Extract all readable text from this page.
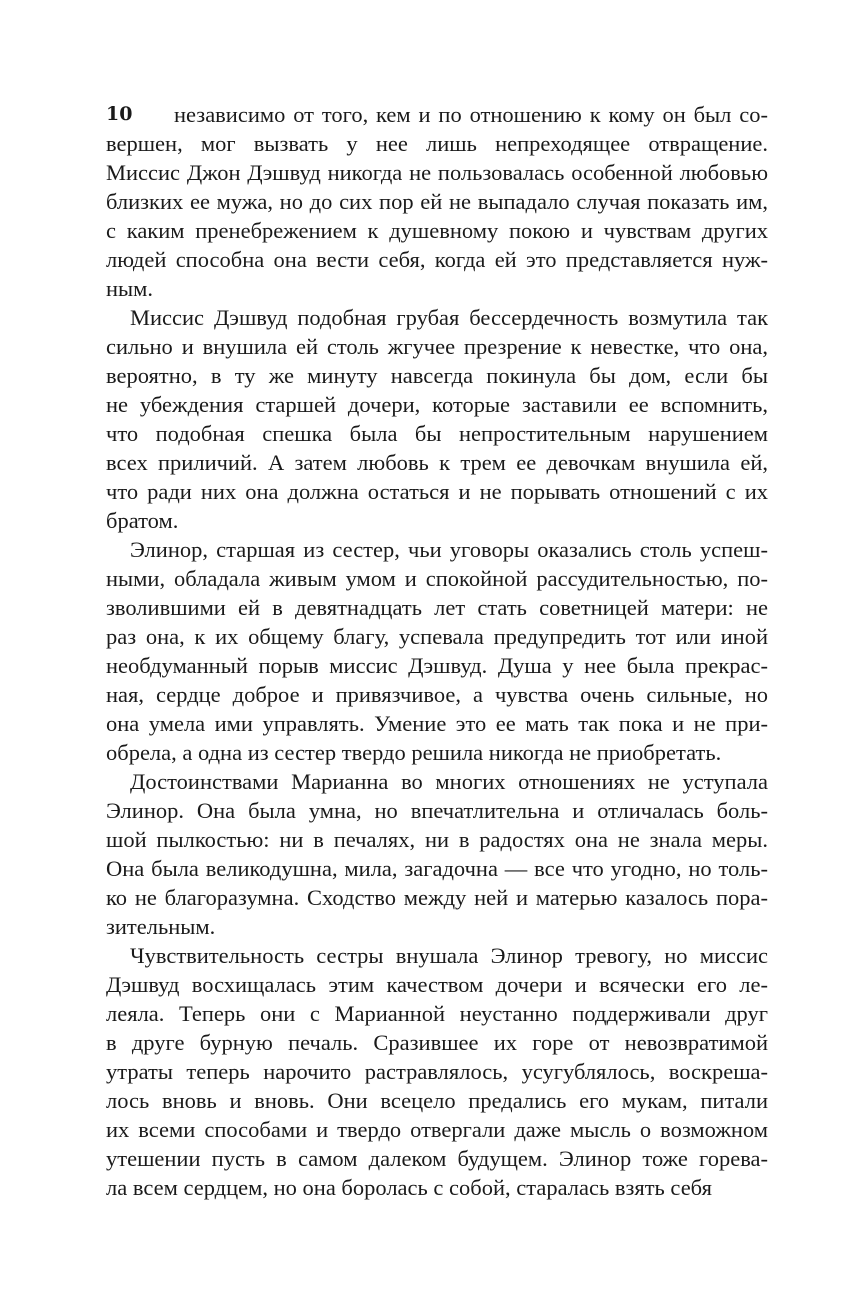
10	независимо от того, кем и по отношению к кому он был со-
вершен, мог вызвать у нее лишь непреходящее отвращение.
Миссис Джон Дэшвуд никогда не пользовалась особенной любовью
близких ее мужа, но до сих пор ей не выпадало случая показать им,
с каким пренебрежением к душевному покою и чувствам других
людей способна она вести себя, когда ей это представляется нуж-
ным.
Миссис Дэшвуд подобная грубая бессердечность возмутила так
сильно и внушила ей столь жгучее презрение к невестке, что она,
вероятно, в ту же минуту навсегда покинула бы дом, если бы
не убеждения старшей дочери, которые заставили ее вспомнить,
что подобная спешка была бы непростительным нарушением
всех приличий. А затем любовь к трем ее девочкам внушила ей,
что ради них она должна остаться и не порывать отношений с их
братом.
Элинор, старшая из сестер, чьи уговоры оказались столь успеш-
ными, обладала живым умом и спокойной рассудительностью, по-
зволившими ей в девятнадцать лет стать советницей матери: не
раз она, к их общему благу, успевала предупредить тот или иной
необдуманный порыв миссис Дэшвуд. Душа у нее была прекрас-
ная, сердце доброе и привязчивое, а чувства очень сильные, но
она умела ими управлять. Умение это ее мать так пока и не при-
обрела, а одна из сестер твердо решила никогда не приобретать.
Достоинствами Марианна во многих отношениях не уступала
Элинор. Она была умна, но впечатлительна и отличалась боль-
шой пылкостью: ни в печалях, ни в радостях она не знала меры.
Она была великодушна, мила, загадочна — все что угодно, но толь-
ко не благоразумна. Сходство между ней и матерью казалось пора-
зительным.
Чувствительность сестры внушала Элинор тревогу, но миссис
Дэшвуд восхищалась этим качеством дочери и всячески его ле-
леяла. Теперь они с Марианной неустанно поддерживали друг
в друге бурную печаль. Сразившее их горе от невозвратимой
утраты теперь нарочито растравлялось, усугублялось, воскреша-
лось вновь и вновь. Они всецело предались его мукам, питали
их всеми способами и твердо отвергали даже мысль о возможном
утешении пусть в самом далеком будущем. Элинор тоже горева-
ла всем сердцем, но она боролась с собой, старалась взять себя
